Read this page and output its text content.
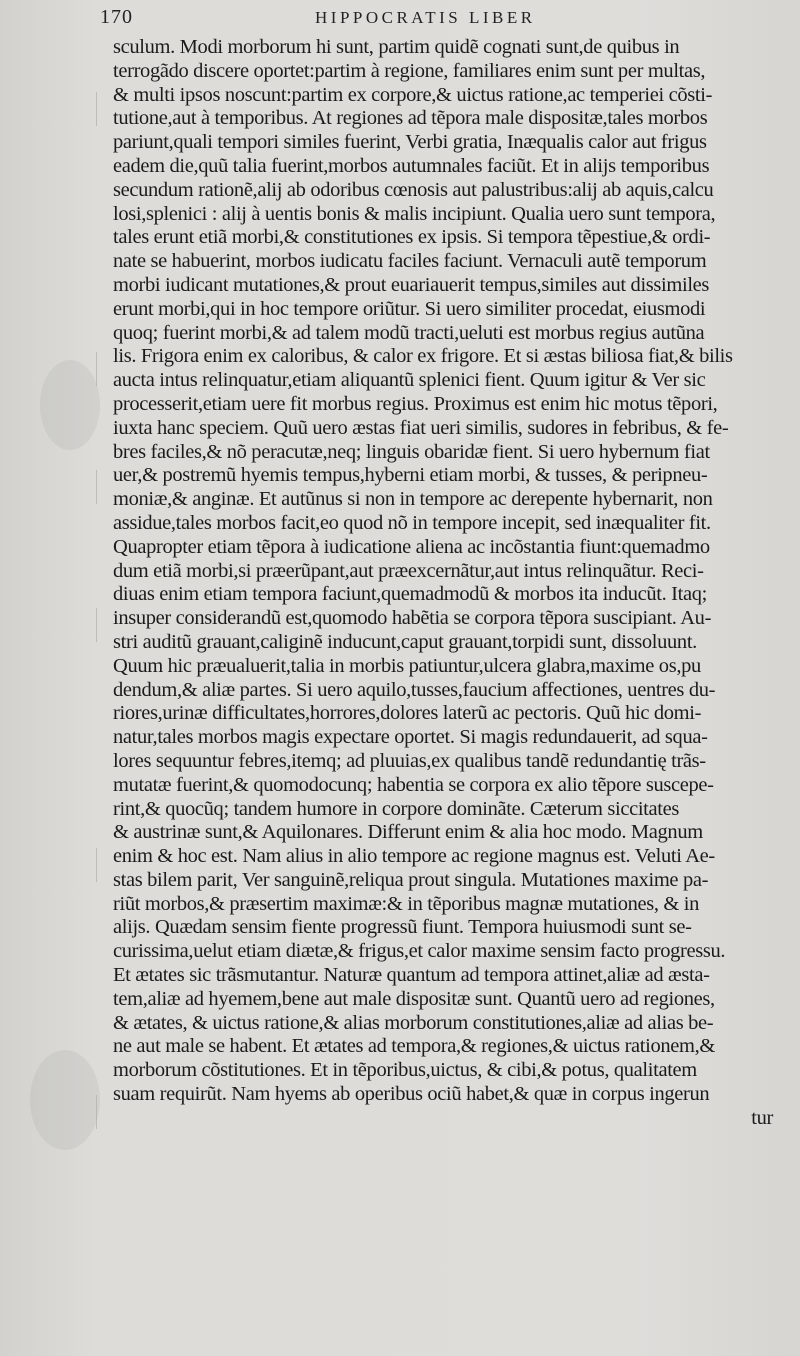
170	HIPPOCRATIS LIBER
sculum. Modi morborum hi sunt, partim quidẽ cognati sunt,de quibus in
terrogãdo discere oportet:partim à regione, familiares enim sunt per multas,
& multi ipsos noscunt:partim ex corpore,& uictus ratione,ac temperiei cõsti-
tutione,aut à temporibus. At regiones ad tẽpora male dispositæ,tales morbos
pariunt,quali tempori similes fuerint, Verbi gratia, Inæqualis calor aut frigus
eadem die,quũ talia fuerint,morbos autumnales faciũt. Et in alijs temporibus
secundum rationẽ,alij ab odoribus cœnosis aut palustribus:alij ab aquis,calcu
losi,splenici : alij à uentis bonis & malis incipiunt. Qualia uero sunt tempora,
tales erunt etiã morbi,& constitutiones ex ipsis. Si tempora tẽpestiue,& ordi-
nate se habuerint, morbos iudicatu faciles faciunt. Vernaculi autẽ temporum
morbi iudicant mutationes,& prout euariauerit tempus,similes aut dissimiles
erunt morbi,qui in hoc tempore oriũtur. Si uero similiter procedat, eiusmodi
quoq; fuerint morbi,& ad talem modũ tracti,ueluti est morbus regius autũna
lis. Frigora enim ex caloribus, & calor ex frigore. Et si æstas biliosa fiat,& bilis
aucta intus relinquatur,etiam aliquantũ splenici fient. Quum igitur & Ver sic
processerit,etiam uere fit morbus regius. Proximus est enim hic motus tẽpori,
iuxta hanc speciem. Quũ uero æstas fiat ueri similis, sudores in febribus, & fe-
bres faciles,& nõ peracutæ,neq; linguis obaridæ fient. Si uero hybernum fiat
uer,& postremũ hyemis tempus,hyberni etiam morbi, & tusses, & peripneu-
moniæ,& anginæ. Et autũnus si non in tempore ac derepente hybernarit, non
assidue,tales morbos facit,eo quod nõ in tempore incepit, sed inæqualiter fit.
Quapropter etiam tẽpora à iudicatione aliena ac incõstantia fiunt:quemadmo
dum etiã morbi,si præerũpant,aut præexcernãtur,aut intus relinquãtur. Reci-
diuas enim etiam tempora faciunt,quemadmodũ & morbos ita inducũt. Itaq;
insuper considerandũ est,quomodo habẽtia se corpora tẽpora suscipiant. Au-
stri auditũ grauant,caliginẽ inducunt,caput grauant,torpidi sunt, dissoluunt.
Quum hic præualuerit,talia in morbis patiuntur,ulcera glabra,maxime os,pu
dendum,& aliæ partes. Si uero aquilo,tusses,faucium affectiones, uentres du-
riores,urinæ difficultates,horrores,dolores laterũ ac pectoris. Quũ hic domi-
natur,tales morbos magis expectare oportet. Si magis redundauerit, ad squa-
lores sequuntur febres,itemq; ad pluuias,ex qualibus tandẽ redundantię trãs-
mutatæ fuerint,& quomodocunq; habentia se corpora ex alio tẽpore suscepe-
rint,& quocũq; tandem humore in corpore dominãte. Cæterum siccitates
& austrinæ sunt,& Aquilonares. Differunt enim & alia hoc modo. Magnum
enim & hoc est. Nam alius in alio tempore ac regione magnus est. Veluti Ae-
stas bilem parit, Ver sanguinẽ,reliqua prout singula. Mutationes maxime pa-
riũt morbos,& præsertim maximæ:& in tẽporibus magnæ mutationes, & in
alijs. Quædam sensim fiente progressũ fiunt. Tempora huiusmodi sunt se-
curissima,uelut etiam diætæ,& frigus,et calor maxime sensim facto progressu.
Et ætates sic trãsmutantur. Naturæ quantum ad tempora attinet,aliæ ad æsta-
tem,aliæ ad hyemem,bene aut male dispositæ sunt. Quantũ uero ad regiones,
& ætates, & uictus ratione,& alias morborum constitutiones,aliæ ad alias be-
ne aut male se habent. Et ætates ad tempora,& regiones,& uictus rationem,&
morborum cõstitutiones. Et in tẽporibus,uictus, & cibi,& potus, qualitatem
suam requirũt. Nam hyems ab operibus ociũ habet,& quæ in corpus ingerun
tur
